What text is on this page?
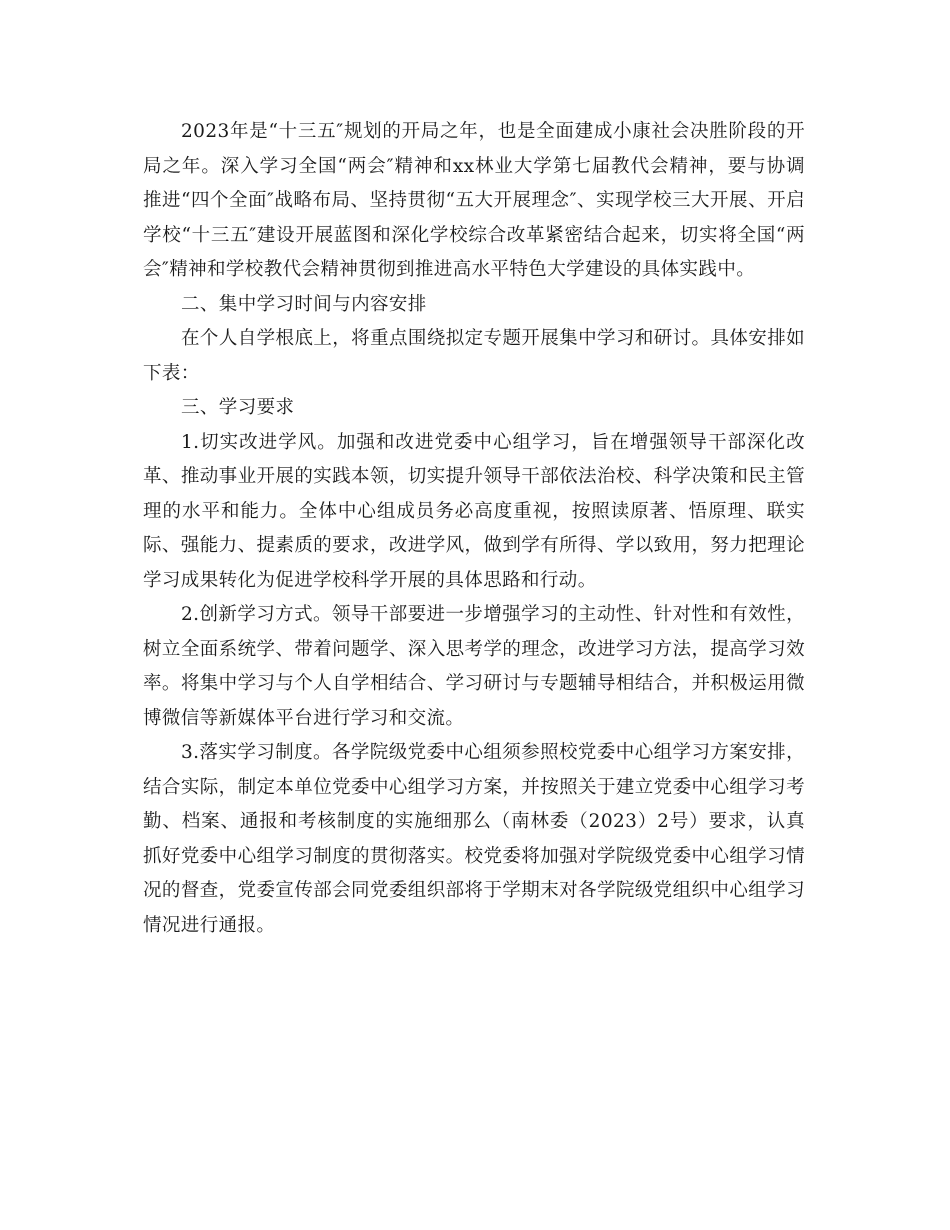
2023年是“十三五″规划的开局之年，也是全面建成小康社会决胜阶段的开局之年。深入学习全国“两会″精神和xx林业大学第七届教代会精神，要与协调推进“四个全面″战略布局、坚持贯彻“五大开展理念″、实现学校三大开展、开启学校“十三五″建设开展蓝图和深化学校综合改革紧密结合起来，切实将全国“两会″精神和学校教代会精神贯彻到推进高水平特色大学建设的具体实践中。

二、集中学习时间与内容安排

在个人自学根底上，将重点围绕拟定专题开展集中学习和研讨。具体安排如下表：

三、学习要求

1.切实改进学风。加强和改进党委中心组学习，旨在增强领导干部深化改革、推动事业开展的实践本领，切实提升领导干部依法治校、科学决策和民主管理的水平和能力。全体中心组成员务必高度重视，按照读原著、悟原理、联实际、强能力、提素质的要求，改进学风，做到学有所得、学以致用，努力把理论学习成果转化为促进学校科学开展的具体思路和行动。

2.创新学习方式。领导干部要进一步增强学习的主动性、针对性和有效性，树立全面系统学、带着问题学、深入思考学的理念，改进学习方法，提高学习效率。将集中学习与个人自学相结合、学习研讨与专题辅导相结合，并积极运用微博微信等新媒体平台进行学习和交流。

3.落实学习制度。各学院级党委中心组须参照校党委中心组学习方案安排，结合实际，制定本单位党委中心组学习方案，并按照关于建立党委中心组学习考勤、档案、通报和考核制度的实施细那么（南林委（2023）2号）要求，认真抓好党委中心组学习制度的贯彻落实。校党委将加强对学院级党委中心组学习情况的督查，党委宣传部会同党委组织部将于学期末对各学院级党组织中心组学习情况进行通报。
